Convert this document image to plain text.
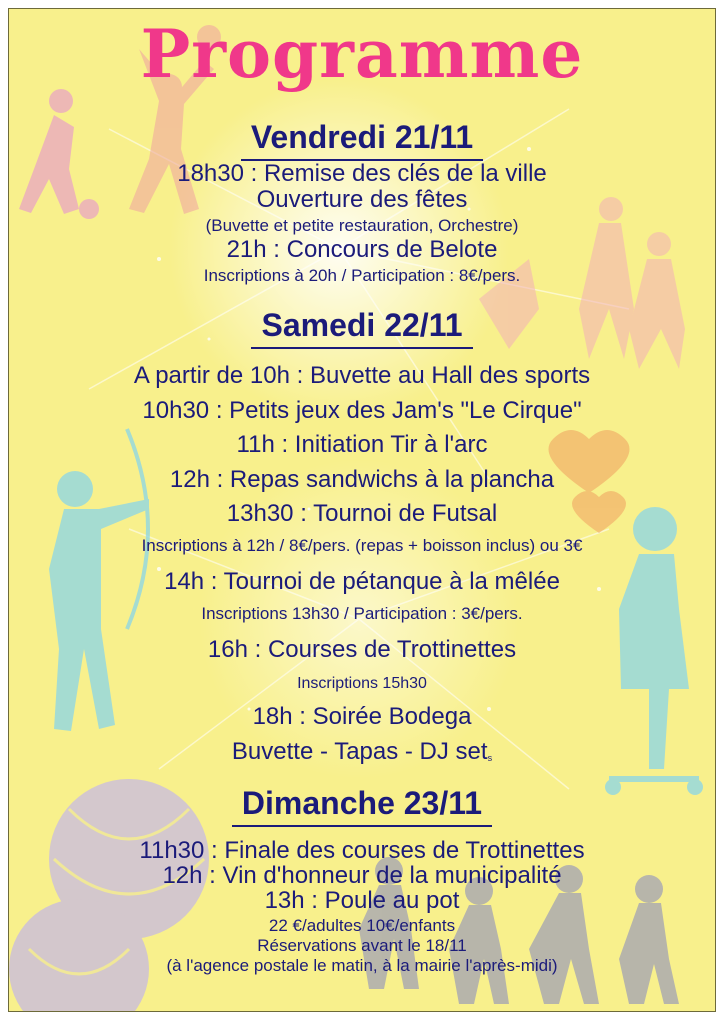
Programme
Vendredi 21/11
18h30 : Remise des clés de la ville
Ouverture des fêtes
(Buvette et petite restauration, Orchestre)
21h : Concours de Belote
Inscriptions à 20h / Participation : 8€/pers.
Samedi 22/11
A partir de 10h : Buvette au Hall des sports
10h30 : Petits jeux des Jam's "Le Cirque"
11h : Initiation Tir à l'arc
12h : Repas sandwichs à la plancha
13h30 : Tournoi de Futsal
Inscriptions à 12h / 8€/pers. (repas + boisson inclus) ou 3€
14h : Tournoi de pétanque à la mêlée
Inscriptions 13h30 / Participation : 3€/pers.
16h : Courses de Trottinettes
Inscriptions 15h30
18h : Soirée Bodega
Buvette - Tapas - DJ set$_s$
Dimanche 23/11
11h30 : Finale des courses de Trottinettes
12h : Vin d'honneur de la municipalité
13h : Poule au pot
22 €/adultes 10€/enfants
Réservations avant le 18/11
(à l'agence postale le matin, à la mairie l'après-midi)
